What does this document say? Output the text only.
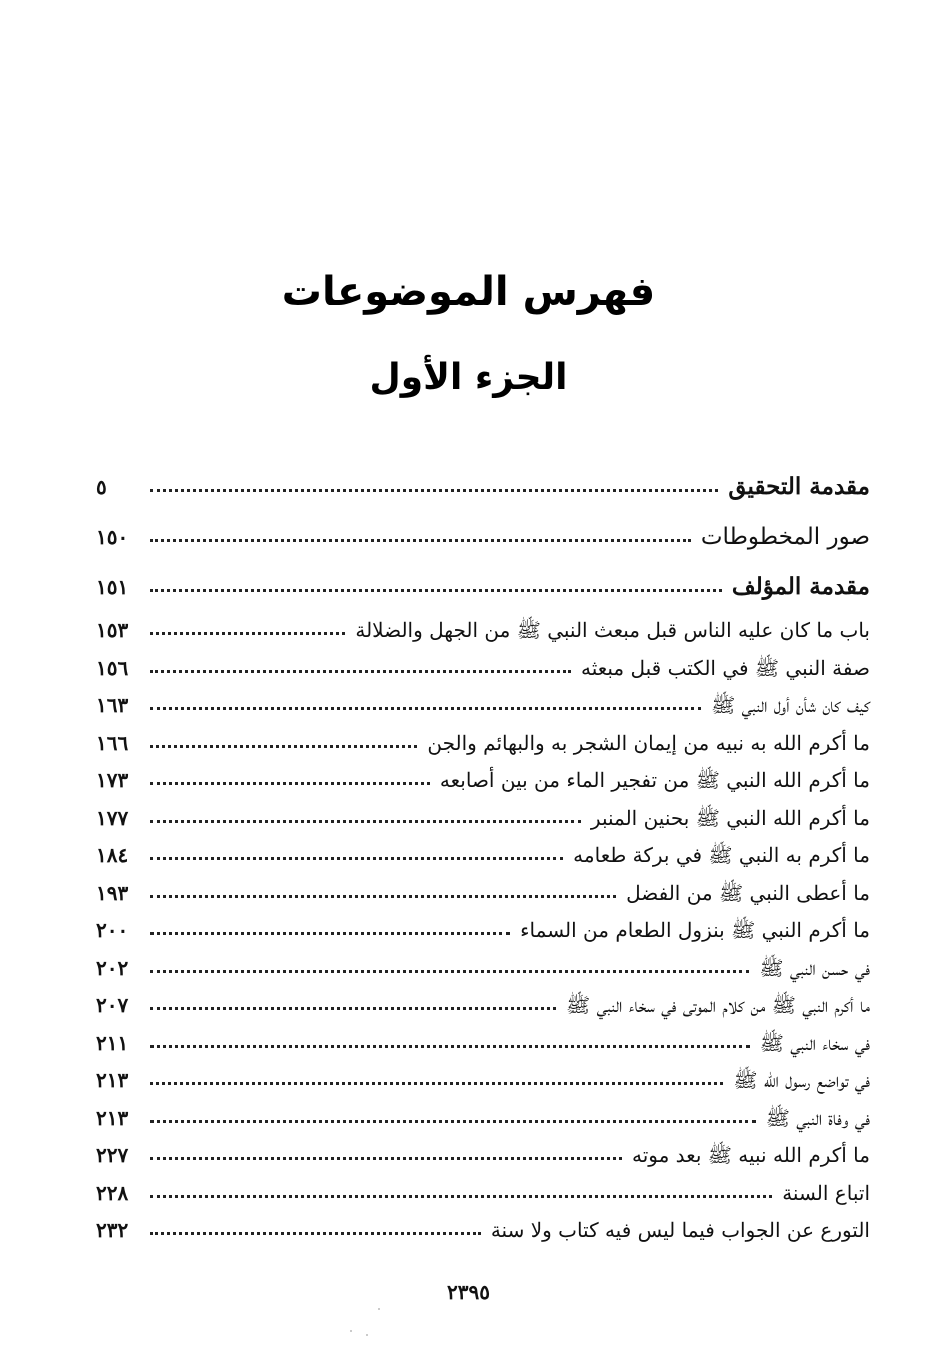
فهرس الموضوعات
الجزء الأول
مقدمة التحقيق
٥
صور المخطوطات
١٥٠
مقدمة المؤلف
١٥١
باب ما كان عليه الناس قبل مبعث النبي ﷺ من الجهل والضلالة
١٥٣
صفة النبي ﷺ في الكتب قبل مبعثه
١٥٦
كيف كان شأن أول النبي ﷺ
١٦٣
ما أكرم الله به نبيه من إيمان الشجر به والبهائم والجن
١٦٦
ما أكرم الله النبي ﷺ من تفجير الماء من بين أصابعه
١٧٣
ما أكرم الله النبي ﷺ بحنين المنبر
١٧٧
ما أكرم به النبي ﷺ في بركة طعامه
١٨٤
ما أعطى النبي ﷺ من الفضل
١٩٣
ما أكرم النبي ﷺ بنزول الطعام من السماء
٢٠٠
في حسن النبي ﷺ
٢٠٢
ما أكرم النبي ﷺ من كلام الموتى في سخاء النبي ﷺ
٢٠٧
في سخاء النبي ﷺ
٢١١
في تواضع رسول الله ﷺ
٢١٣
في وفاة النبي ﷺ
٢١٣
ما أكرم الله نبيه ﷺ بعد موته
٢٢٧
اتباع السنة
٢٢٨
التورع عن الجواب فيما ليس فيه كتاب ولا سنة
٢٣٢
٢٣٩٥
